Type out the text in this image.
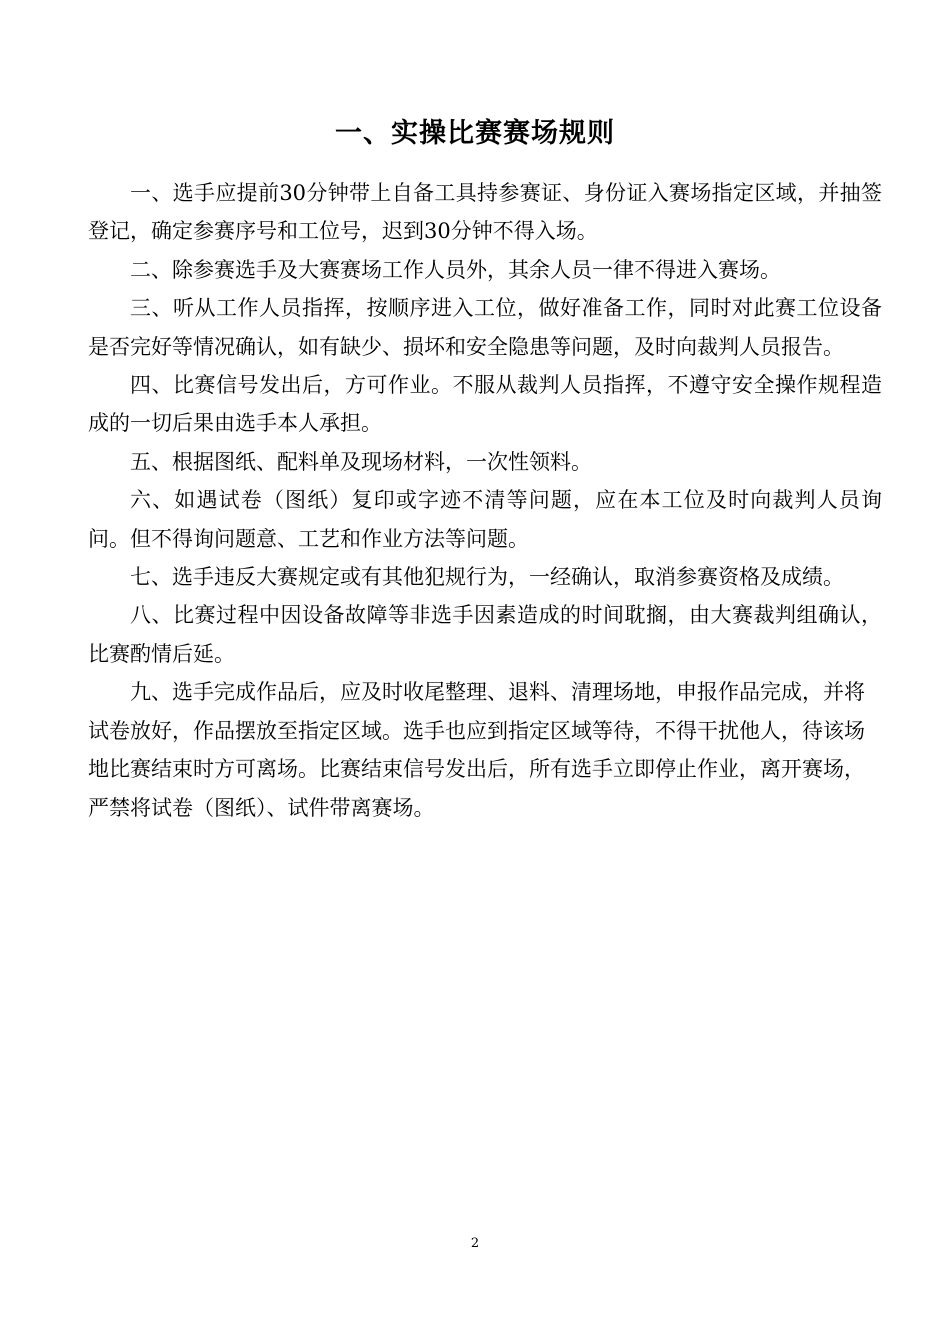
一、实操比赛赛场规则

一、选手应提前30分钟带上自备工具持参赛证、身份证入赛场指定区域，并抽签登记，确定参赛序号和工位号，迟到30分钟不得入场。

二、除参赛选手及大赛赛场工作人员外，其余人员一律不得进入赛场。

三、听从工作人员指挥，按顺序进入工位，做好准备工作，同时对此赛工位设备是否完好等情况确认，如有缺少、损坏和安全隐患等问题，及时向裁判人员报告。

四、比赛信号发出后，方可作业。不服从裁判人员指挥，不遵守安全操作规程造成的一切后果由选手本人承担。

五、根据图纸、配料单及现场材料，一次性领料。

六、如遇试卷（图纸）复印或字迹不清等问题，应在本工位及时向裁判人员询问。但不得询问题意、工艺和作业方法等问题。

七、选手违反大赛规定或有其他犯规行为，一经确认，取消参赛资格及成绩。

八、比赛过程中因设备故障等非选手因素造成的时间耽搁，由大赛裁判组确认，比赛酌情后延。

九、选手完成作品后，应及时收尾整理、退料、清理场地，申报作品完成，并将试卷放好，作品摆放至指定区域。选手也应到指定区域等待，不得干扰他人，待该场地比赛结束时方可离场。比赛结束信号发出后，所有选手立即停止作业，离开赛场，严禁将试卷（图纸）、试件带离赛场。

2
